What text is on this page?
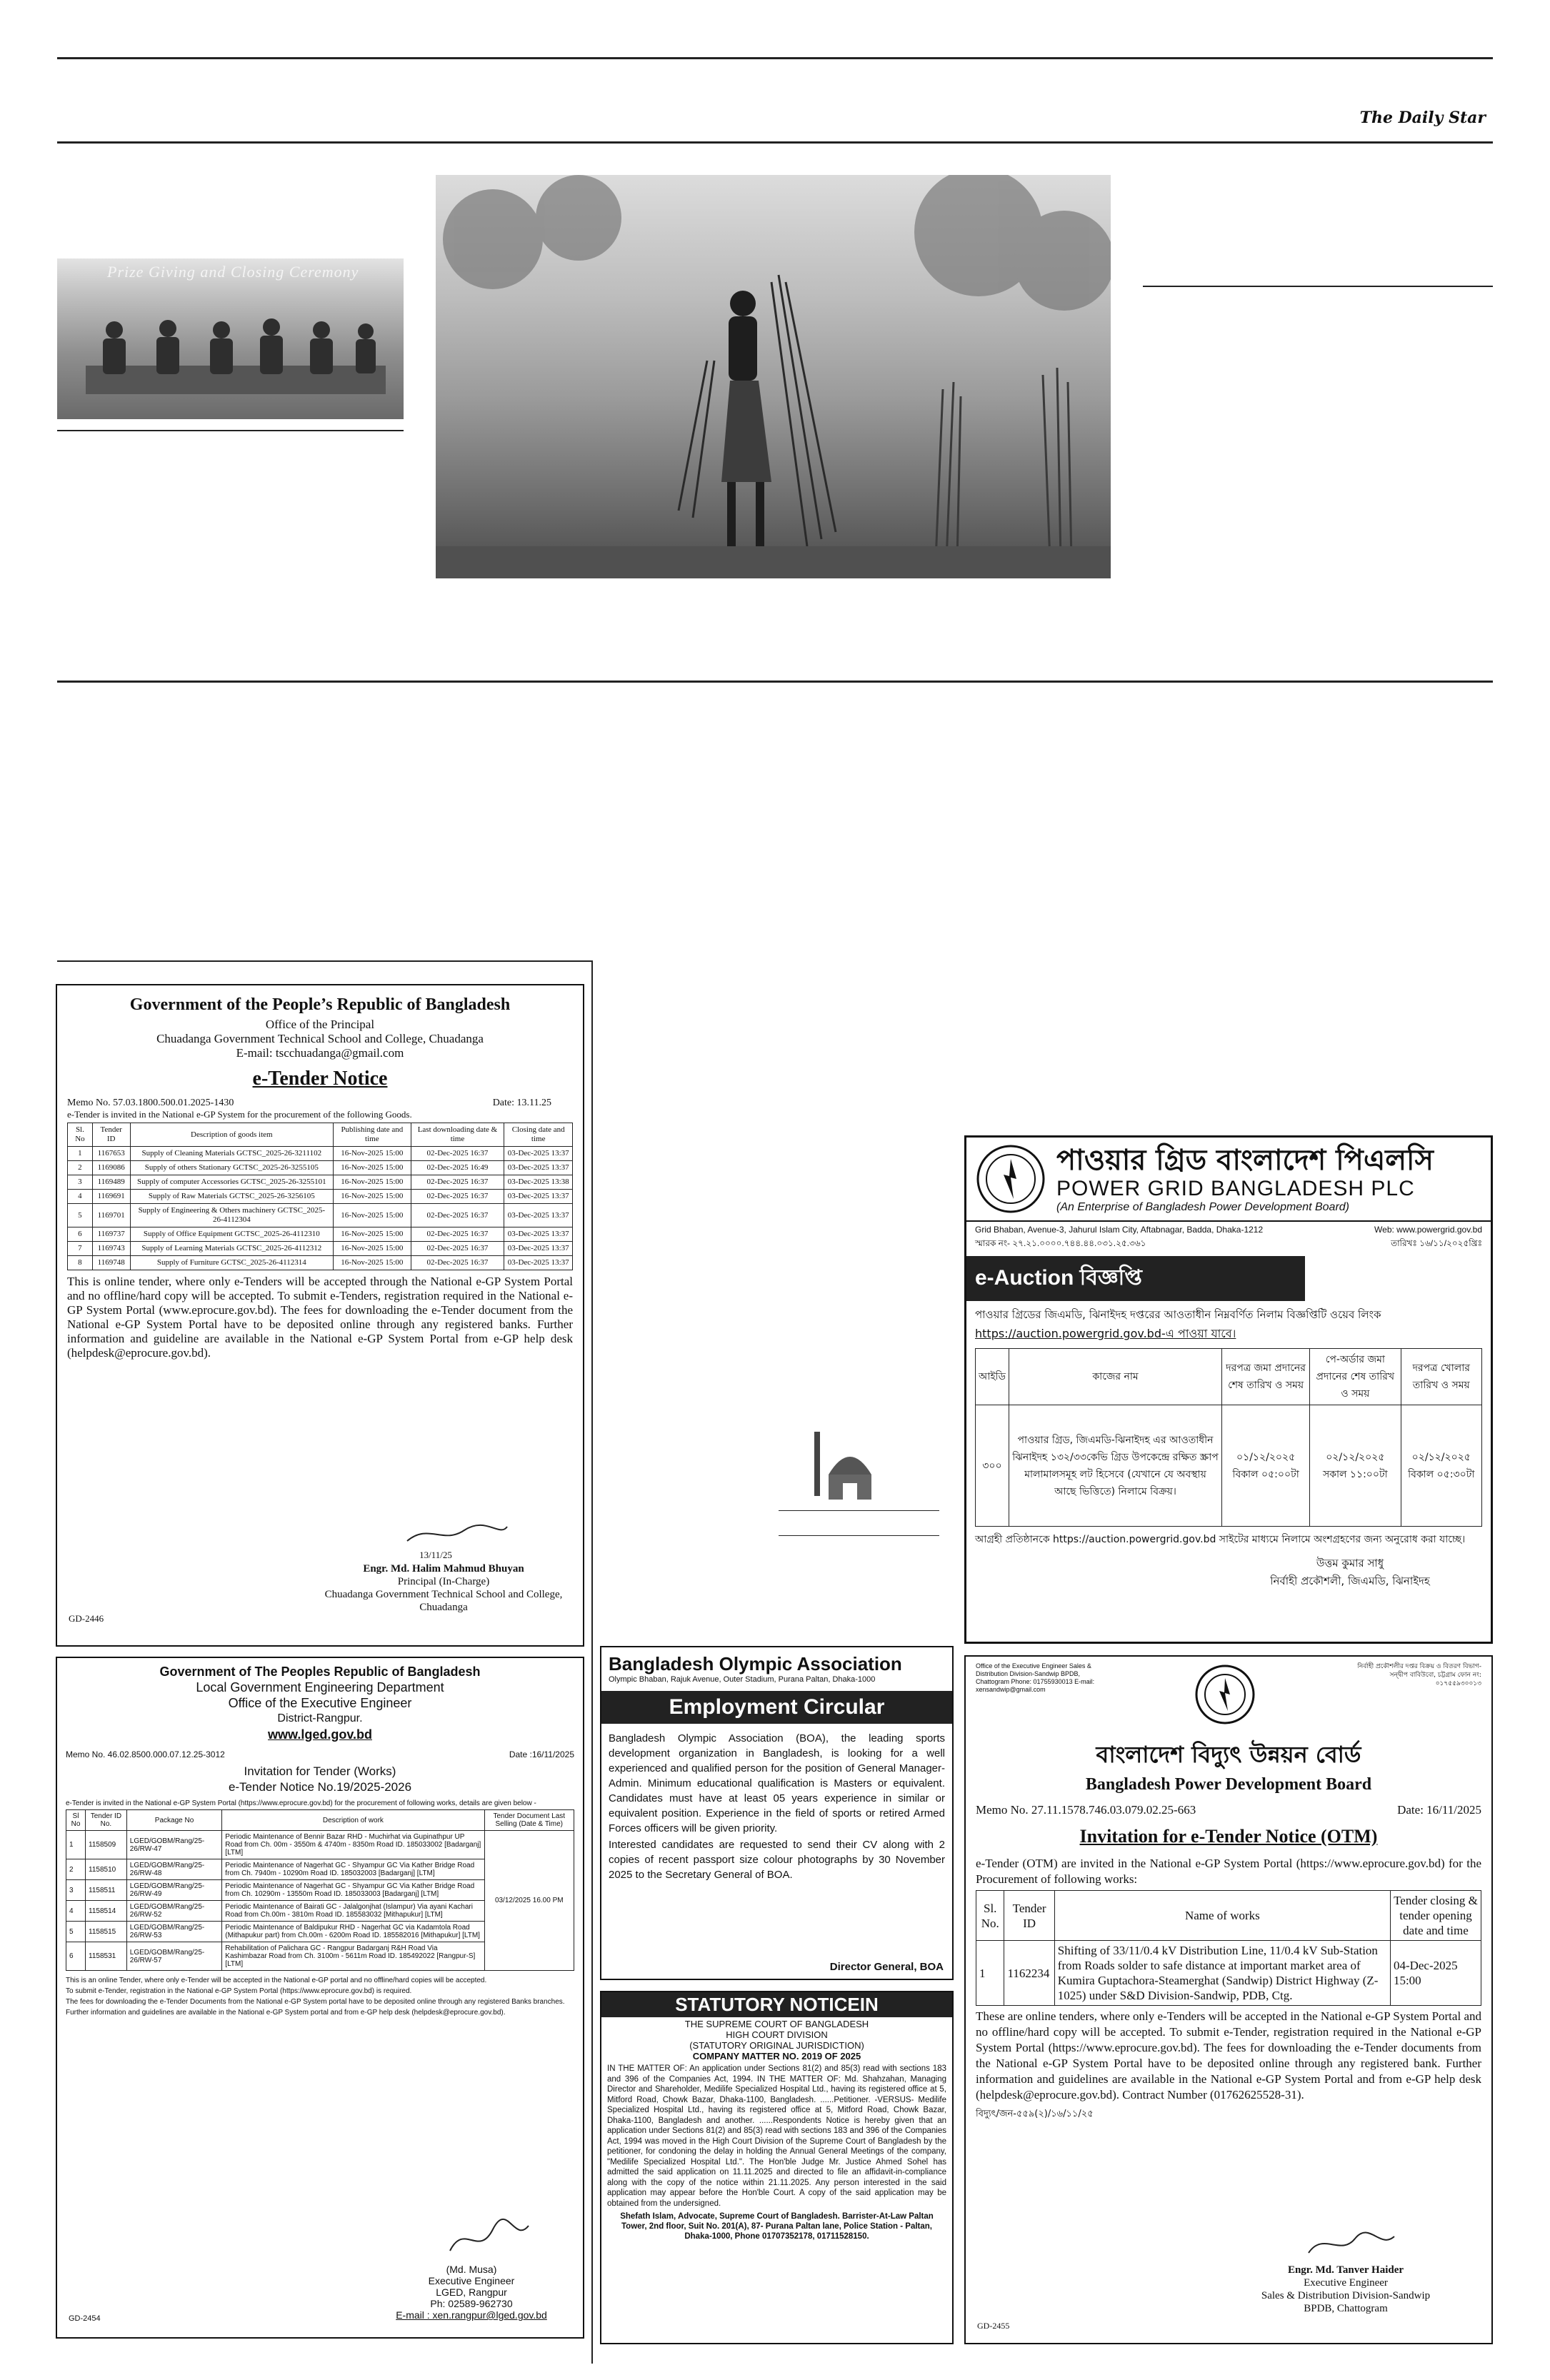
The Daily Star
Prize Giving and Closing Ceremony
Government of the People’s Republic of Bangladesh
Office of the Principal
Chuadanga Government Technical School and College, Chuadanga
E-mail: tscchuadanga@gmail.com
e-Tender Notice
Memo No. 57.03.1800.500.01.2025-1430	Date: 13.11.25
e-Tender is invited in the National e-GP System for the procurement of the following Goods.
Sl. No	Tender ID	Description of goods item	Publishing date and time	Last downloading date & time	Closing date and time
1	1167653	Supply of Cleaning Materials GCTSC_2025-26-3211102	16-Nov-2025 15:00	02-Dec-2025 16:37	03-Dec-2025 13:37
2	1169086	Supply of others Stationary GCTSC_2025-26-3255105	16-Nov-2025 15:00	02-Dec-2025 16:49	03-Dec-2025 13:37
3	1169489	Supply of computer Accessories GCTSC_2025-26-3255101	16-Nov-2025 15:00	02-Dec-2025 16:37	03-Dec-2025 13:38
4	1169691	Supply of Raw Materials GCTSC_2025-26-3256105	16-Nov-2025 15:00	02-Dec-2025 16:37	03-Dec-2025 13:37
5	1169701	Supply of Engineering & Others machinery GCTSC_2025-26-4112304	16-Nov-2025 15:00	02-Dec-2025 16:37	03-Dec-2025 13:37
6	1169737	Supply of Office Equipment GCTSC_2025-26-4112310	16-Nov-2025 15:00	02-Dec-2025 16:37	03-Dec-2025 13:37
7	1169743	Supply of Learning Materials GCTSC_2025-26-4112312	16-Nov-2025 15:00	02-Dec-2025 16:37	03-Dec-2025 13:37
8	1169748	Supply of Furniture GCTSC_2025-26-4112314	16-Nov-2025 15:00	02-Dec-2025 16:37	03-Dec-2025 13:37
This is online tender, where only e-Tenders will be accepted through the National e-GP System Portal and no offline/hard copy will be accepted. To submit e-Tenders, registration required in the National e-GP System Portal (www.eprocure.gov.bd). The fees for downloading the e-Tender document from the National e-GP System Portal have to be deposited online through any registered banks. Further information and guideline are available in the National e-GP System Portal from e-GP help desk (helpdesk@eprocure.gov.bd).
13/11/25
Engr. Md. Halim Mahmud Bhuyan
Principal (In-Charge)
Chuadanga Government Technical School and College, Chuadanga
GD-2446
পাওয়ার গ্রিড বাংলাদেশ পিএলসি
POWER GRID BANGLADESH PLC
(An Enterprise of Bangladesh Power Development Board)
Grid Bhaban, Avenue-3, Jahurul Islam City, Aftabnagar, Badda, Dhaka-1212	Web: www.powergrid.gov.bd
স্মারক নং- ২৭.২১.০০০০.৭৪৪.৪৪.০৩১.২৫.৩৬১	তারিখঃ ১৬/১১/২০২৫খ্রিঃ
e-Auction বিজ্ঞপ্তি
পাওয়ার গ্রিডের জিএমডি, ঝিনাইদহ দপ্তরের আওতাধীন নিম্নবর্ণিত নিলাম বিজ্ঞপ্তিটি ওয়েব লিংক
https://auction.powergrid.gov.bd-এ পাওয়া যাবে।
আইডি	কাজের নাম	দরপত্র জমা প্রদানের শেষ তারিখ ও সময়	পে-অর্ডার জমা প্রদানের শেষ তারিখ ও সময়	দরপত্র খোলার তারিখ ও সময়
৩০০	পাওয়ার গ্রিড, জিএমডি-ঝিনাইদহ এর আওতাধীন ঝিনাইদহ ১৩২/৩৩কেভি গ্রিড উপকেন্দ্রে রক্ষিত স্ক্রাপ মালামালসমূহ লট হিসেবে (যেখানে যে অবস্থায় আছে ভিত্তিতে) নিলামে বিক্রয়।	০১/১২/২০২৫ বিকাল ০৫:০০টা	০২/১২/২০২৫ সকাল ১১:০০টা	০২/১২/২০২৫ বিকাল ০৫:৩০টা
আগ্রহী প্রতিষ্ঠানকে https://auction.powergrid.gov.bd সাইটের মাধ্যমে নিলামে অংশগ্রহণের জন্য অনুরোধ করা যাচ্ছে।
উত্তম কুমার সাধু
নির্বাহী প্রকৌশলী, জিএমডি, ঝিনাইদহ
Government of The Peoples Republic of Bangladesh
Local Government Engineering Department
Office of the Executive Engineer
District-Rangpur.
www.lged.gov.bd
Memo No. 46.02.8500.000.07.12.25-3012	Date :16/11/2025
Invitation for Tender (Works)
e-Tender Notice No.19/2025-2026
e-Tender is invited in the National e-GP System Portal (https://www.eprocure.gov.bd) for the procurement of following works, details are given below -
Sl No	Tender ID No.	Package No	Description of work	Tender Document Last Selling (Date & Time)
1	1158509	LGED/GOBM/Rang/25-26/RW-47	Periodic Maintenance of Bennir Bazar RHD - Muchirhat via Gupinathpur UP Road from Ch. 00m - 3550m & 4740m - 8350m Road ID. 185033002 [Badarganj] [LTM]	03/12/2025 16.00 PM
2	1158510	LGED/GOBM/Rang/25-26/RW-48	Periodic Maintenance of Nagerhat GC - Shyampur GC Via Kather Bridge Road from Ch. 7940m - 10290m Road ID. 185032003 [Badarganj] [LTM]	
3	1158511	LGED/GOBM/Rang/25-26/RW-49	Periodic Maintenance of Nagerhat GC - Shyampur GC Via Kather Bridge Road from Ch. 10290m - 13550m Road ID. 185033003 [Badarganj] [LTM]	
4	1158514	LGED/GOBM/Rang/25-26/RW-52	Periodic Maintenance of Bairati GC - Jalalgonjhat (Islampur) Via ayani Kachari Road from Ch.00m - 3810m Road ID. 185583032 [Mithapukur] [LTM]	
5	1158515	LGED/GOBM/Rang/25-26/RW-53	Periodic Maintenance of Baldipukur RHD - Nagerhat GC via Kadamtola Road (Mithapukur part) from Ch.00m - 6200m Road ID. 185582016 [Mithapukur] [LTM]	
6	1158531	LGED/GOBM/Rang/25-26/RW-57	Rehabilitation of Palichara GC - Rangpur Badarganj R&H Road Via Kashimbazar Road from Ch. 3100m - 5611m Road ID. 185492022 [Rangpur-S] [LTM]	
This is an online Tender, where only e-Tender will be accepted in the National e-GP portal and no offline/hard copies will be accepted.
To submit e-Tender, registration in the National e-GP System Portal (https://www.eprocure.gov.bd) is required.
The fees for downloading the e-Tender Documents from the National e-GP System portal have to be deposited online through any registered Banks branches.
Further information and guidelines are available in the National e-GP System portal and from e-GP help desk (helpdesk@eprocure.gov.bd).
(Md. Musa)
Executive Engineer
LGED, Rangpur
Ph: 02589-962730
E-mail : xen.rangpur@lged.gov.bd
GD-2454
Bangladesh Olympic Association
Olympic Bhaban, Rajuk Avenue, Outer Stadium, Purana Paltan, Dhaka-1000
Employment Circular
Bangladesh Olympic Association (BOA), the leading sports development organization in Bangladesh, is looking for a well experienced and qualified person for the position of General Manager-Admin. Minimum educational qualification is Masters or equivalent. Candidates must have at least 05 years experience in similar or equivalent position. Experience in the field of sports or retired Armed Forces officers will be given priority.
Interested candidates are requested to send their CV along with 2 copies of recent passport size colour photographs by 30 November 2025 to the Secretary General of BOA.
Director General, BOA
STATUTORY NOTICEIN
THE SUPREME COURT OF BANGLADESH
HIGH COURT DIVISION
(STATUTORY ORIGINAL JURISDICTION)
COMPANY MATTER NO. 2019 OF 2025
IN THE MATTER OF: An application under Sections 81(2) and 85(3) read with sections 183 and 396 of the Companies Act, 1994. IN THE MATTER OF: Md. Shahzahan, Managing Director and Shareholder, Medilife Specialized Hospital Ltd., having its registered office at 5, Mitford Road, Chowk Bazar, Dhaka-1100, Bangladesh. ......Petitioner. -VERSUS- Medilife Specialized Hospital Ltd., having its registered office at 5, Mitford Road, Chowk Bazar, Dhaka-1100, Bangladesh and another. ......Respondents Notice is hereby given that an application under Sections 81(2) and 85(3) read with sections 183 and 396 of the Companies Act, 1994 was moved in the High Court Division of the Supreme Court of Bangladesh by the petitioner, for condoning the delay in holding the Annual General Meetings of the company, "Medilife Specialized Hospital Ltd.". The Hon'ble Judge Mr. Justice Ahmed Sohel has admitted the said application on 11.11.2025 and directed to file an affidavit-in-compliance along with the copy of the notice within 21.11.2025. Any person interested in the said application may appear before the Hon'ble Court. A copy of the said application may be obtained from the undersigned.
Shefath Islam, Advocate, Supreme Court of Bangladesh. Barrister-At-Law Paltan Tower, 2nd floor, Suit No. 201(A), 87- Purana Paltan lane, Police Station - Paltan, Dhaka-1000, Phone 01707352178, 01711528150.
Office of the Executive Engineer Sales & Distribution Division-Sandwip BPDB, Chattogram Phone: 01755930013 E-mail: xensandwip@gmail.com
নির্বাহী প্রকৌশলীর দপ্তর বিক্রয় ও বিতরণ বিভাগ-সন্দ্বীপ বাবিউবো, চট্টগ্রাম ফোন নং: ০১৭৫৫৯৩০০১৩
বাংলাদেশ বিদ্যুৎ উন্নয়ন বোর্ড
Bangladesh Power Development Board
Memo No. 27.11.1578.746.03.079.02.25-663	Date: 16/11/2025
Invitation for e-Tender Notice (OTM)
e-Tender (OTM) are invited in the National e-GP System Portal (https://www.eprocure.gov.bd) for the Procurement of following works:
Sl. No.	Tender ID	Name of works	Tender closing & tender opening date and time
1	1162234	Shifting of 33/11/0.4 kV Distribution Line, 11/0.4 kV Sub-Station from Roads solder to safe distance at important market area of Kumira Guptachora-Steamerghat (Sandwip) District Highway (Z-1025) under S&D Division-Sandwip, PDB, Ctg.	04-Dec-2025 15:00
These are online tenders, where only e-Tenders will be accepted in the National e-GP System Portal and no offline/hard copy will be accepted. To submit e-Tender, registration required in the National e-GP System Portal (https://www.eprocure.gov.bd). The fees for downloading the e-Tender documents from the National e-GP System Portal have to be deposited online through any registered bank. Further information and guidelines are available in the National e-GP System Portal and from e-GP help desk (helpdesk@eprocure.gov.bd). Contract Number (01762625528-31).
বিদ্যুৎ/জন-৫৫৯(২)/১৬/১১/২৫
Engr. Md. Tanver Haider
Executive Engineer
Sales & Distribution Division-Sandwip
BPDB, Chattogram
GD-2455
